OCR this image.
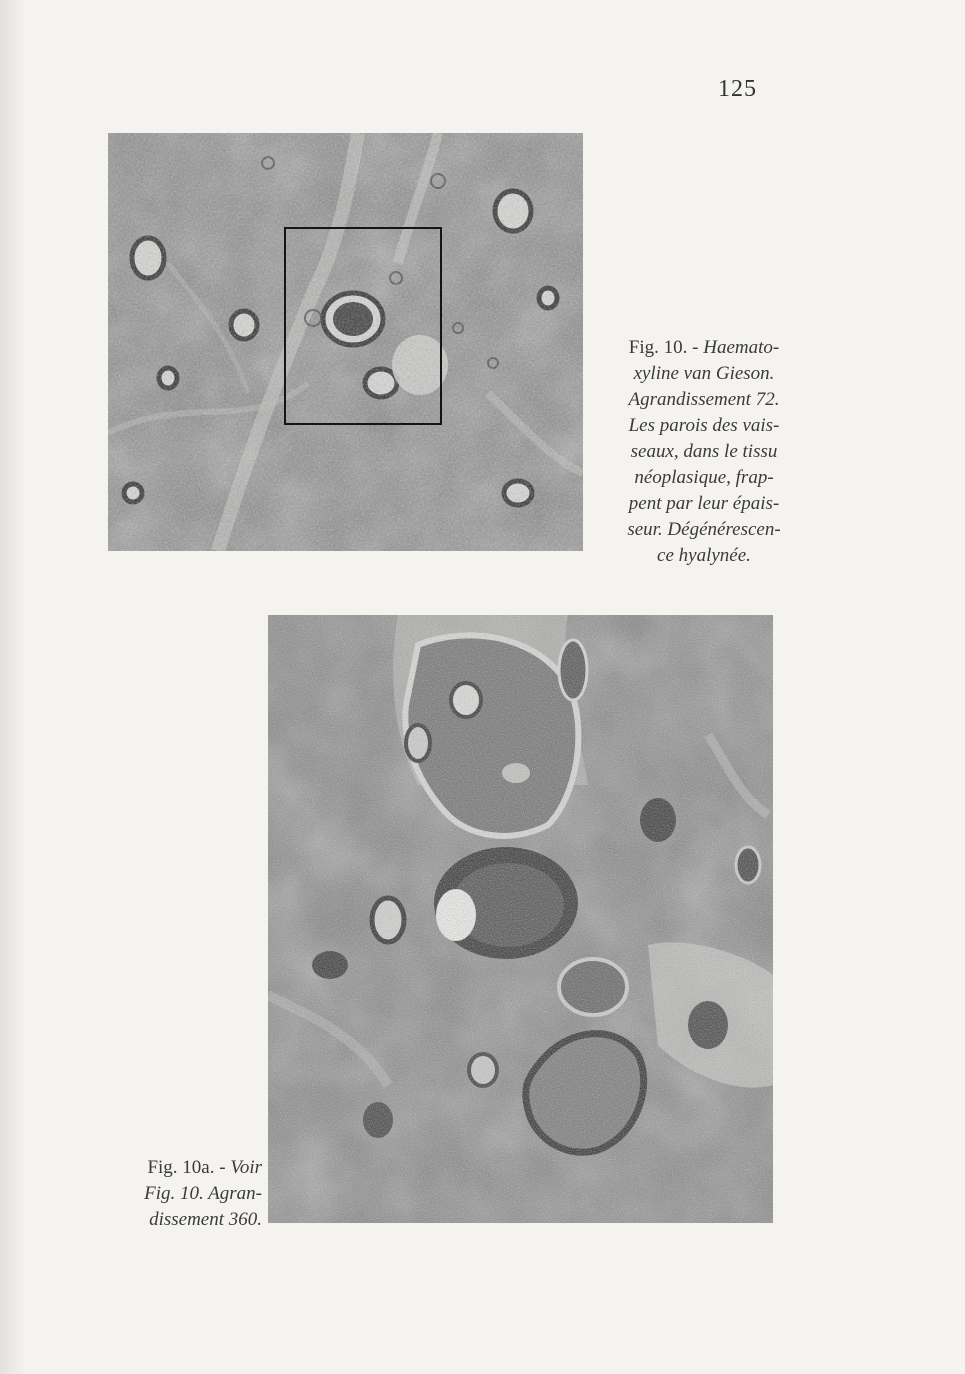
125
Fig. 10. - Haemato-
xyline van Gieson.
Agrandissement 72.
Les parois des vais-
seaux, dans le tissu
néoplasique, frap-
pent par leur épais-
seur. Dégénérescen-
ce hyalynée.
Fig. 10a. - Voir
Fig. 10. Agran-
dissement 360.
